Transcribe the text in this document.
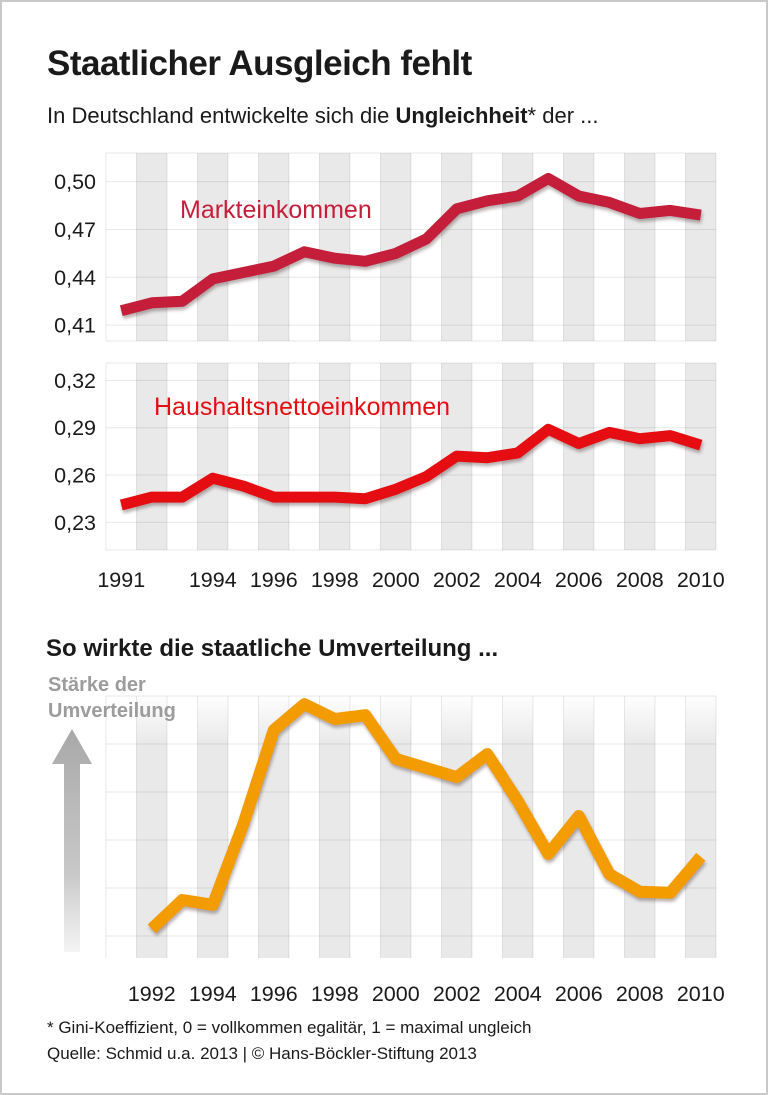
Staatlicher Ausgleich fehlt
In Deutschland entwickelte sich die Ungleichheit* der ...
0,50
0,47
0,44
0,41
Markteinkommen
0,32
0,29
0,26
0,23
1991 1994 1996 1998 2000 2002 2004 2006 2008 2010
Haushaltsnettoeinkommen
So wirkte die staatliche Umverteilung ...
1992 1994 1996 1998 2000 2002 2004 2006 2008 2010
Stärke der
Umverteilung
* Gini-Koeffizient, 0 = vollkommen egalitär, 1 = maximal ungleich
Quelle: Schmid u.a. 2013 | © Hans-Böckler-Stiftung 2013
